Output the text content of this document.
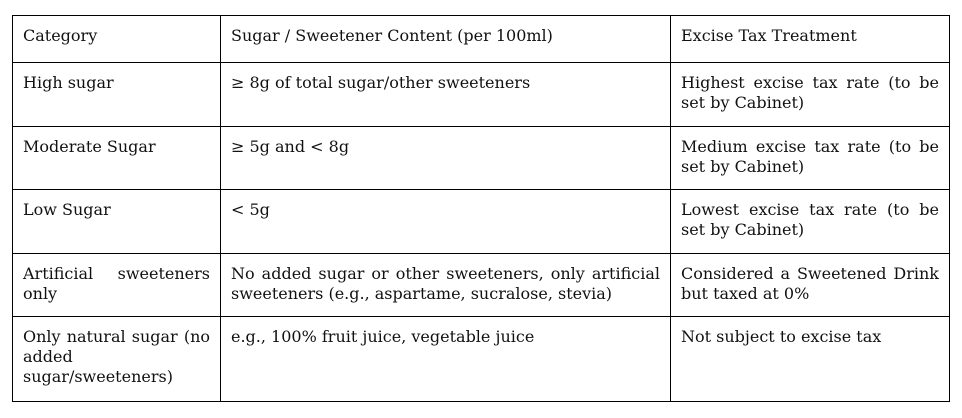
Category	Sugar / Sweetener Content (per 100ml)	Excise Tax Treatment
High sugar	≥ 8g of total sugar/other sweeteners	Highest excise tax rate (to be set by Cabinet)
Moderate Sugar	≥ 5g and < 8g	Medium excise tax rate (to be set by Cabinet)
Low Sugar	< 5g	Lowest excise tax rate (to be set by Cabinet)
Artificial sweeteners only	No added sugar or other sweeteners, only artificial sweeteners (e.g., aspartame, sucralose, stevia)	Considered a Sweetened Drink but taxed at 0%
Only natural sugar (no added sugar/sweeteners)	e.g., 100% fruit juice, vegetable juice	Not subject to excise tax
